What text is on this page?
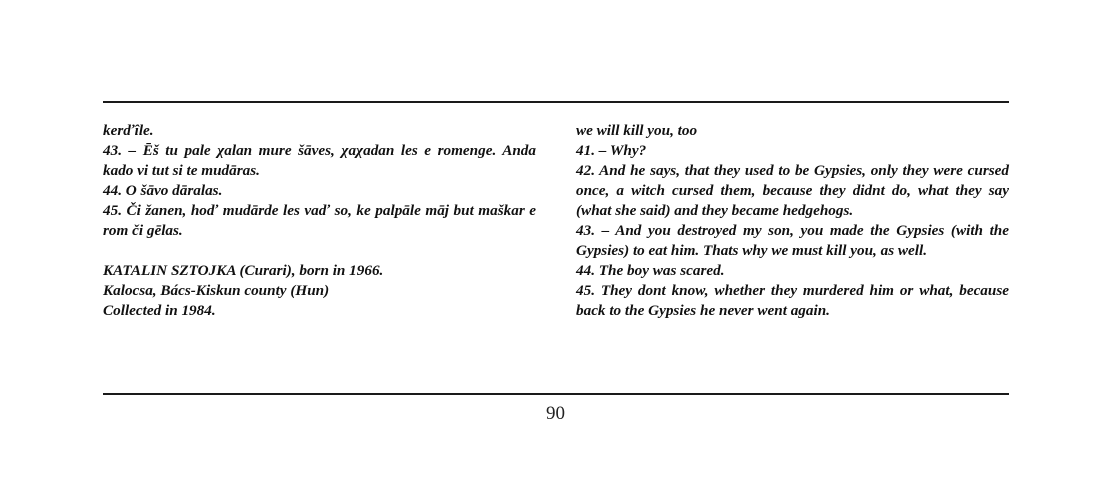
kerďîle.

43. – Ēš tu pale χalan mure šāves, χaχadan les e romenge. Anda kado vi tut si te mudāras.

44. O šāvo dāralas.

45. Či žanen, hoď mudārde les vaď so, ke palpāle māj but maškar e rom či gēlas.

KATALIN SZTOJKA (Curari), born in 1966.

Kalocsa, Bács-Kiskun county (Hun)

Collected in 1984.

we will kill you, too

41. – Why?

42. And he says, that they used to be Gypsies, only they were cursed once, a witch cursed them, because they didnt do, what they say (what she said) and they became hedgehogs.

43. – And you destroyed my son, you made the Gypsies (with the Gypsies) to eat him. Thats why we must kill you, as well.

44. The boy was scared.

45. They dont know, whether they murdered him or what, because back to the Gypsies he never went again.

90
